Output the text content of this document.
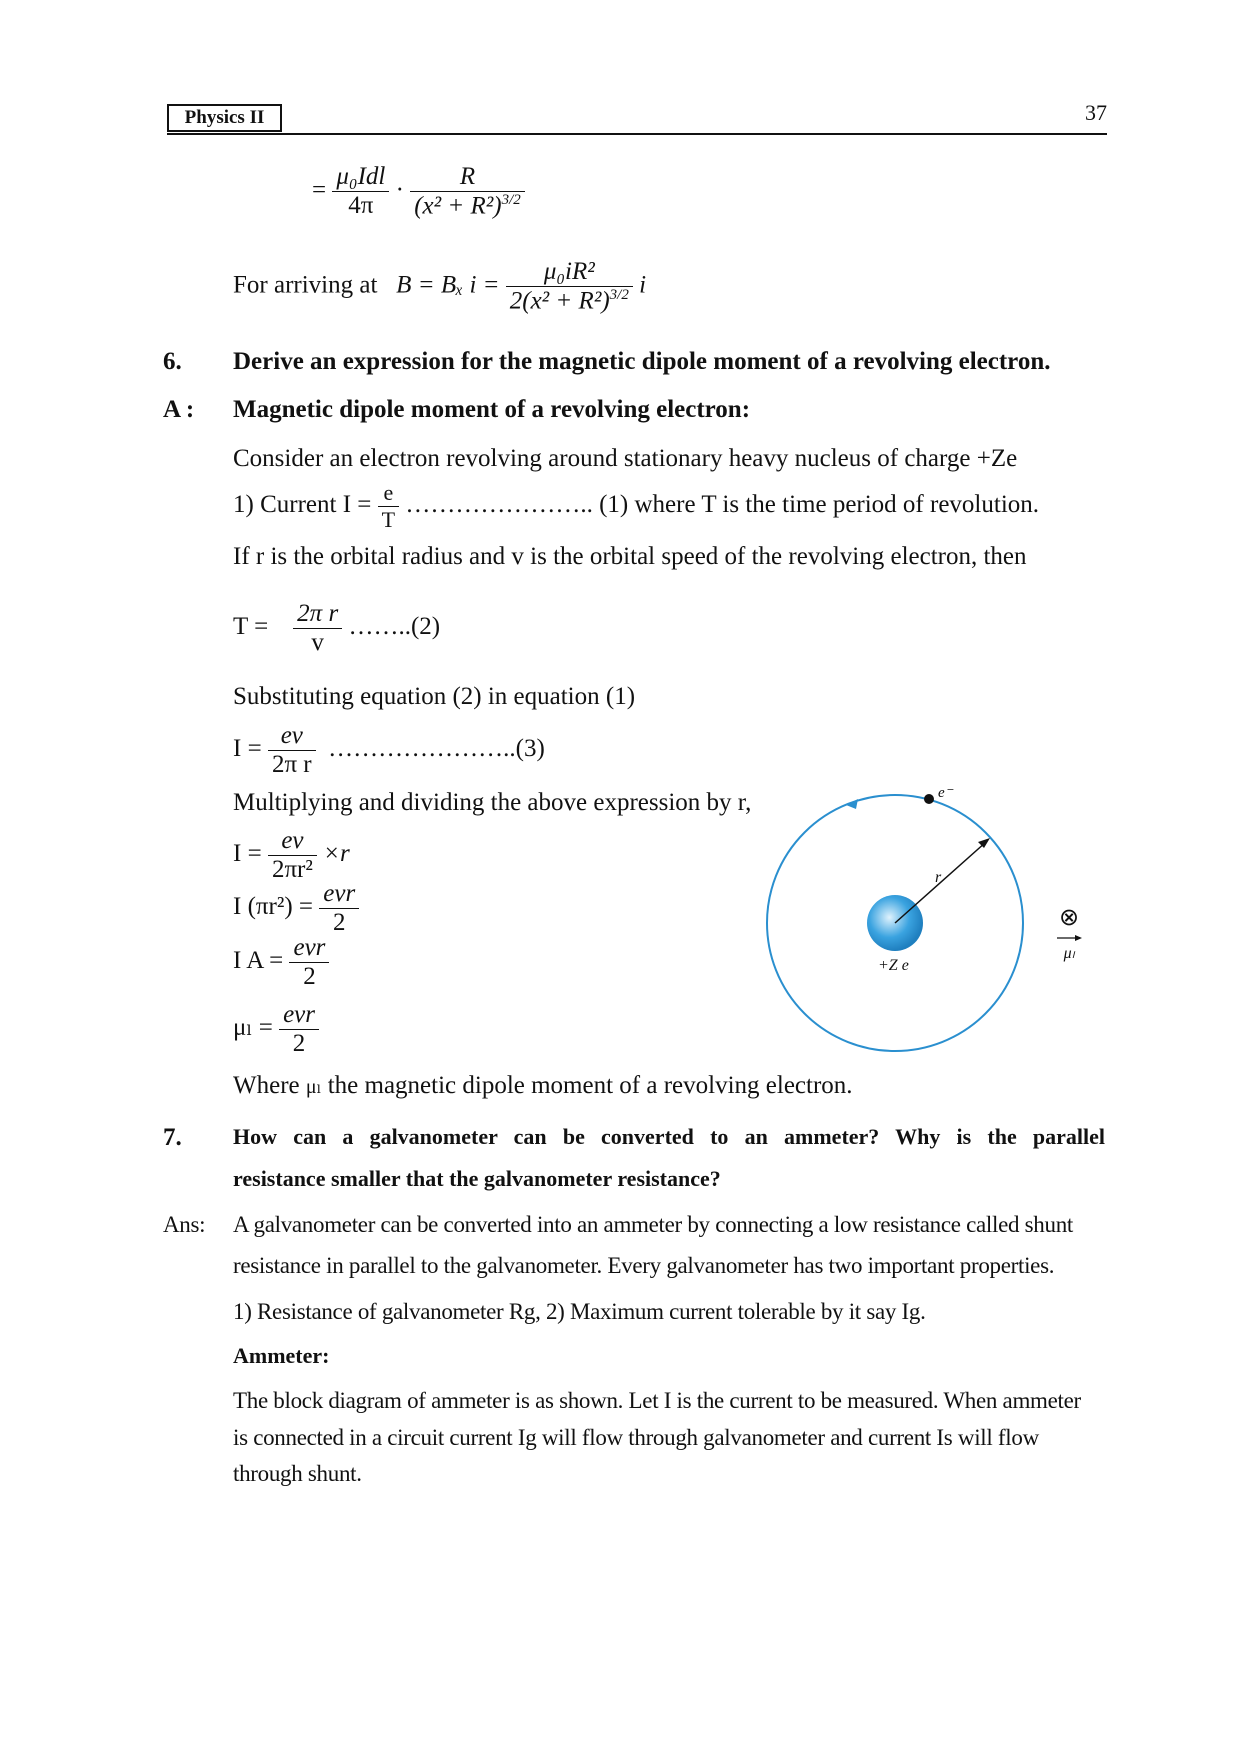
Physics II	37
= $\frac{\text{μ₀Idl}}{4\pi} \cdot \frac{R}{(x^2 + R^2)^{3/2}}$
For arriving at B = Bₓ $i = \frac{\text{μ₀iR²}}{2(x^2 + R^2)^{3/2}}$ i
6. Derive an expression for the magnetic dipole moment of a revolving electron.
A : Magnetic dipole moment of a revolving electron:
Consider an electron revolving around stationary heavy nucleus of charge +Ze
1) Current $I = \frac{e}{T}$ ………………….. (1) where T is the time period of revolution.
If r is the orbital radius and v is the orbital speed of the revolving electron, then
$T = \frac{\text{2π r}}{v}$ ……..(2)
Substituting equation (2) in equation (1)
$I = \frac{ev}{\text{2π r}}$ …………………..(3)
Multiplying and dividing the above expression by r,
$I = \frac{ev}{\text{2πr²}} \times r$
I $(\pi r^2) = \frac{\text{evr}}{2}$
I $A = \frac{\text{evr}}{2}$
$\mu_l = \frac{\text{evr}}{2}$
Where μₗ the magnetic dipole moment of a revolving electron.
e⁻
r
+Z e
⊗
μₗ
7. How can a galvanometer can be converted to an ammeter? Why is the parallel
resistance smaller that the galvanometer resistance?
Ans: A galvanometer can be converted into an ammeter by connecting a low resistance called shunt
resistance in parallel to the galvanometer. Every galvanometer has two important properties.
1) Resistance of galvanometer Rg, 2) Maximum current tolerable by it say Ig.
Ammeter:
The block diagram of ammeter is as shown. Let I is the current to be measured. When ammeter
is connected in a circuit current Ig will flow through galvanometer and current Is will flow
through shunt.
